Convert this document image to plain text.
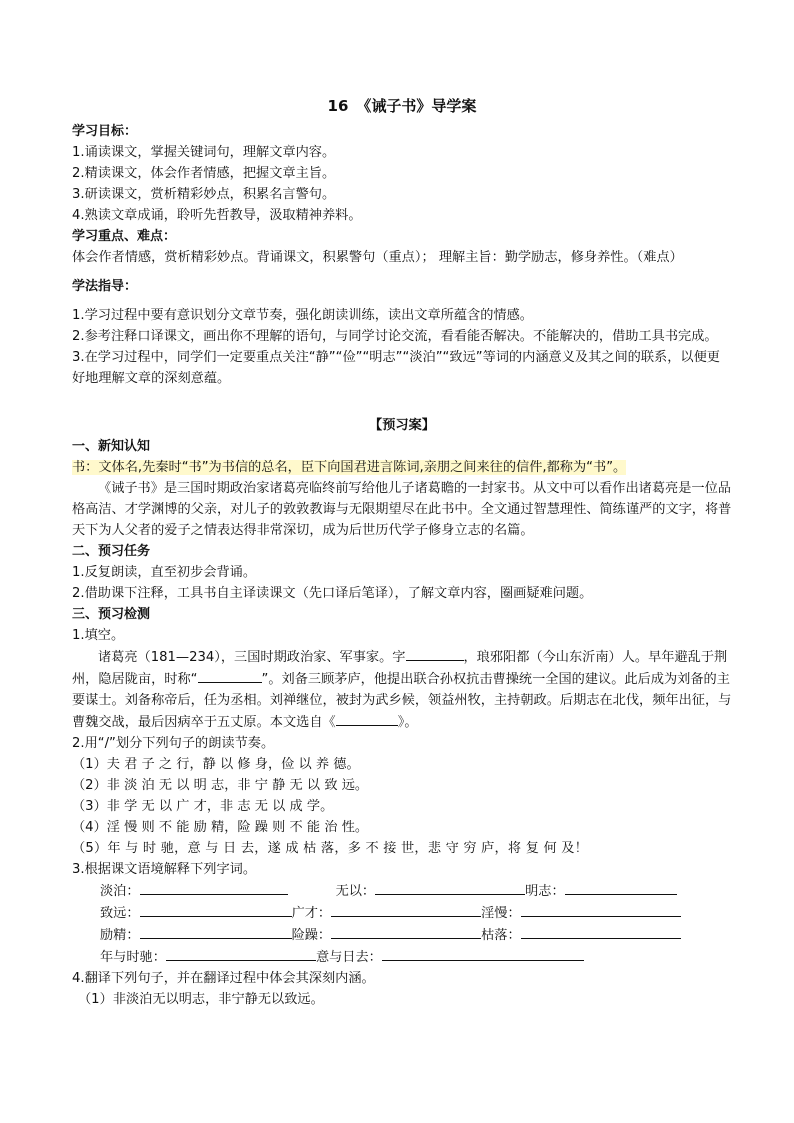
16 《诫子书》导学案
学习目标：
1.诵读课文，掌握关键词句，理解文章内容。
2.精读课文，体会作者情感，把握文章主旨。
3.研读课文，赏析精彩妙点，积累名言警句。
4.熟读文章成诵，聆听先哲教导，汲取精神养料。
学习重点、难点：
体会作者情感，赏析精彩妙点。背诵课文，积累警句（重点）； 理解主旨：勤学励志，修身养性。（难点）
学法指导：
1.学习过程中要有意识划分文章节奏，强化朗读训练，读出文章所蕴含的情感。
2.参考注释口译课文，画出你不理解的语句，与同学讨论交流，看看能否解决。不能解决的，借助工具书完成。
3.在学习过程中，同学们一定要重点关注“静”“俭”“明志”“淡泊”“致远”等词的内涵意义及其之间的联系，以便更好地理解文章的深刻意蕴。
【预习案】
一、新知认知
书：文体名,先秦时“书”为书信的总名，臣下向国君进言陈词,亲朋之间来往的信件,都称为“书”。
《诫子书》是三国时期政治家诸葛亮临终前写给他儿子诸葛瞻的一封家书。从文中可以看作出诸葛亮是一位品格高洁、才学渊博的父亲，对儿子的敦敦教诲与无限期望尽在此书中。全文通过智慧理性、简练谨严的文字，将普天下为人父者的爱子之情表达得非常深切，成为后世历代学子修身立志的名篇。
二、预习任务
1.反复朗读，直至初步会背诵。
2.借助课下注释，工具书自主译读课文（先口译后笔译），了解文章内容，圈画疑难问题。
三、预习检测
1.填空。
诸葛亮（181—234），三国时期政治家、军事家。字	，琅邪阳都（今山东沂南）人。早年避乱于荆州，隐居陇亩，时称“	”。刘备三顾茅庐，他提出联合孙权抗击曹操统一全国的建议。此后成为刘备的主要谋士。刘备称帝后，任为丞相。刘禅继位，被封为武乡候，领益州牧，主持朝政。后期志在北伐，频年出征，与曹魏交战，最后因病卒于五丈原。本文选自《	》。
2.用“/”划分下列句子的朗读节奏。
（1）夫 君 子 之 行，静 以 修 身，俭 以 养 德。
（2）非 淡 泊 无 以 明 志，非 宁 静 无 以 致 远。
（3）非 学 无 以 广 才，非 志 无 以 成 学。
（4）淫 慢 则 不 能 励 精，险 躁 则 不 能 治 性。
（5）年 与 时 驰，意 与 日 去，遂 成 枯 落，多 不 接 世，悲 守 穷 庐，将 复 何 及！
3.根据课文语境解释下列字词。
淡泊：	无以：	明志：
致远：	广才：	淫慢：
励精：	险躁：	枯落：
年与时驰：	意与日去：
4.翻译下列句子，并在翻译过程中体会其深刻内涵。
（1）非淡泊无以明志，非宁静无以致远。
